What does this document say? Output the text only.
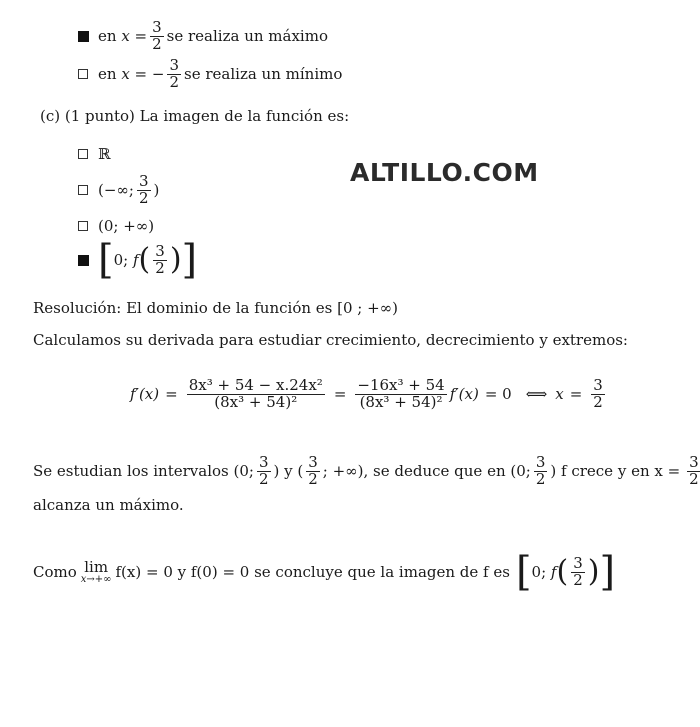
en $x = \frac{3}{2}$ se realiza un máximo
en x = − $\frac{3}{2}$ se realiza un mínimo
(c) (1 punto) La imagen de la función es:
ℝ
(−∞; $\frac{3}{2}$ )
(0; +∞)
[ 0; f ( $\frac{3}{2}$ ) ]
ALTILLO.COM
Resolución: El dominio de la función es [0 ; +∞)
Calculamos su derivada para estudiar crecimiento, decrecimiento y extremos:
$f'(x) = \frac{\text{8x³ + 54 − x.24x²}}{\text{(8x³ + 54)²}} = \frac{\text{−16x³ + 54}}{\text{(8x³ + 54)²}} f'(x) = 0$ ⟺ $x = \frac{3}{2}$
Se estudian los intervalos (0; $\frac{3}{2}$ ) y ( $\frac{3}{2}$ ; +∞), se deduce que en (0; $\frac{3}{2}$ ) f crece y en $x = \frac{3}{2}$
alcanza un máximo.
Como lim
x→+∞ f(x) = 0 y f(0) = 0 se concluye que la imagen de f es [ 0; f ( $\frac{3}{2}$ ) ]
